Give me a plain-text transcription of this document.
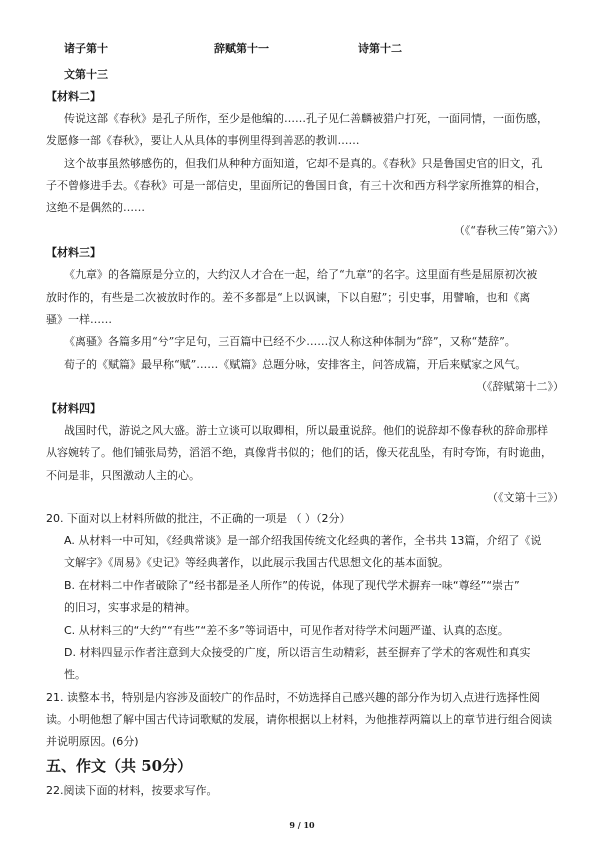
诸子第十	辞赋第十一	诗第十二
文第十三
【材料二】
传说这部《春秋》是孔子所作，至少是他编的……孔子见仁善麟被猎户打死，一面同情，一面伤感，
发愿修一部《春秋》，要让人从具体的事例里得到善恶的教训……
这个故事虽然够感伤的，但我们从种种方面知道，它却不是真的。《春秋》只是鲁国史官的旧文，孔
子不曾修进手去。《春秋》可是一部信史，里面所记的鲁国日食，有三十次和西方科学家所推算的相合，
这绝不是偶然的……
（《“春秋三传”第六》）
【材料三】
《九章》的各篇原是分立的，大约汉人才合在一起，给了“九章”的名字。这里面有些是屈原初次被
放时作的，有些是二次被放时作的。差不多都是“上以讽谏，下以自慰”；引史事，用譬喻，也和《离
骚》一样……
《离骚》各篇多用“兮”字足句，三百篇中已经不少……汉人称这种体制为“辞”，又称“楚辞”。
荀子的《赋篇》最早称“赋”……《赋篇》总题分咏，安排客主，问答成篇，开后来赋家之风气。
（《辞赋第十二》）
【材料四】
战国时代，游说之风大盛。游士立谈可以取卿相，所以最重说辞。他们的说辞却不像春秋的辞命那样
从容婉转了。他们铺张局势，滔滔不绝，真像背书似的；他们的话，像天花乱坠，有时夸饰，有时诡曲，
不问是非，只图激动人主的心。
（《文第十三》）
20. 下面对以上材料所做的批注，不正确的一项是 （ ）（2分）
A. 从材料一中可知，《经典常谈》是一部介绍我国传统文化经典的著作，全书共 13篇，介绍了《说
文解字》《周易》《史记》等经典著作，以此展示我国古代思想文化的基本面貌。
B. 在材料二中作者破除了“经书都是圣人所作”的传说，体现了现代学术摒弃一味“尊经”“崇古”
的旧习，实事求是的精神。
C. 从材料三的“大约”“有些”“差不多”等词语中，可见作者对待学术问题严谨、认真的态度。
D. 材料四显示作者注意到大众接受的广度，所以语言生动精彩，甚至摒弃了学术的客观性和真实
性。
21. 读整本书，特别是内容涉及面较广的作品时，不妨选择自己感兴趣的部分作为切入点进行选择性阅
读。小明他想了解中国古代诗词歌赋的发展，请你根据以上材料，为他推荐两篇以上的章节进行组合阅读
并说明原因。(6分)
五、作文（共 50分）
22.阅读下面的材料，按要求写作。
9 / 10
